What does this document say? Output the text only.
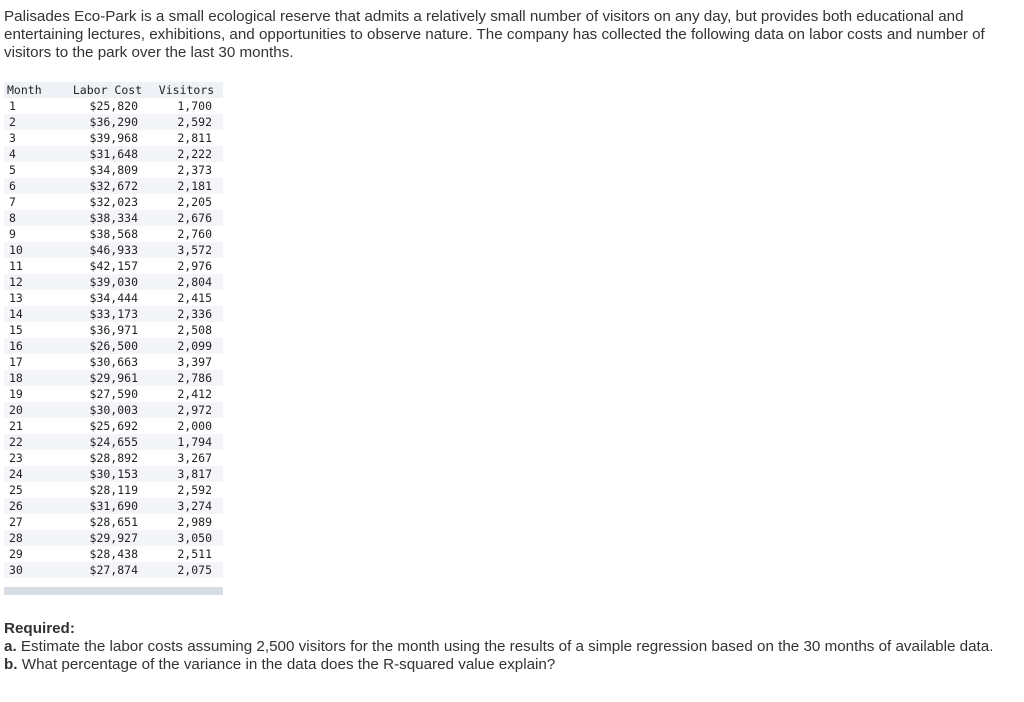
Palisades Eco-Park is a small ecological reserve that admits a relatively small number of visitors on any day, but provides both educational and entertaining lectures, exhibitions, and opportunities to observe nature. The company has collected the following data on labor costs and number of visitors to the park over the last 30 months.

Month	Labor Cost	Visitors
1	$25,820	1,700
2	$36,290	2,592
3	$39,968	2,811
4	$31,648	2,222
5	$34,809	2,373
6	$32,672	2,181
7	$32,023	2,205
8	$38,334	2,676
9	$38,568	2,760
10	$46,933	3,572
11	$42,157	2,976
12	$39,030	2,804
13	$34,444	2,415
14	$33,173	2,336
15	$36,971	2,508
16	$26,500	2,099
17	$30,663	3,397
18	$29,961	2,786
19	$27,590	2,412
20	$30,003	2,972
21	$25,692	2,000
22	$24,655	1,794
23	$28,892	3,267
24	$30,153	3,817
25	$28,119	2,592
26	$31,690	3,274
27	$28,651	2,989
28	$29,927	3,050
29	$28,438	2,511
30	$27,874	2,075

Required:

a. Estimate the labor costs assuming 2,500 visitors for the month using the results of a simple regression based on the 30 months of available data.

b. What percentage of the variance in the data does the R-squared value explain?
